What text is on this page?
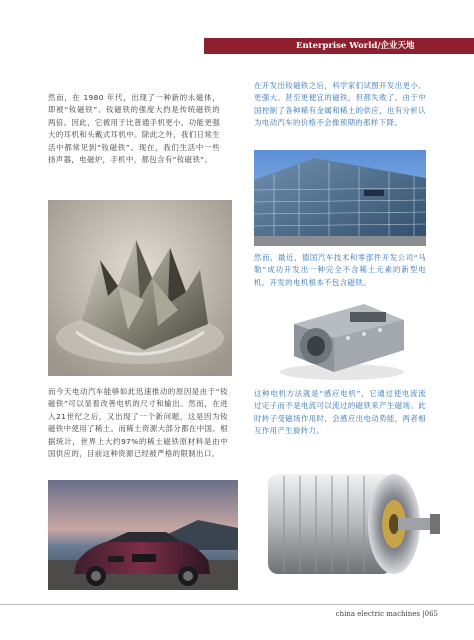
Enterprise World/企业天地

然而，在 1980 年代，出现了一种新的永磁体，即被“钕磁铁”。钕磁铁的强度大约是传统磁铁的两倍。因此，它被用于比普通手机更小、功能更强大的耳机和头戴式耳机中。除此之外，我们日常生活中都常见到“钕磁铁”。现在，我们生活中一些扬声器，电磁炉，手机中，都包含有“钕磁铁”。

在开发出钕磁铁之后，科学家们试图开发出更小、更强大、甚至更便宜的磁铁，但都失败了。由于中国控制了各种稀有金属和稀土的供应，也有分析认为电动汽车的价格不会像预期的那样下降。

然而，最近，德国汽车技术和零部件开发公司“马勒”成功开发出一种完全不含稀土元素的新型电机。开发的电机根本不包含磁铁。

而今天电动汽车能够如此迅速推动的原因是由于“钕磁铁”可以显着改善电机的尺寸和输出。然而，在进入21世纪之后，又出现了一个新问题，这是因为钕磁铁中使用了稀土。而稀土资源大部分都在中国。根据统计，世界上大约97%的稀土磁铁原材料是由中国供应的，目前这种资源已经被严格的限制出口。

这种电机方法就是“感应电机”，它通过使电流流过定子而不是电流可以流过的磁铁来产生磁场。此时转子受磁场作用时，会感应出电动势能，两者相互作用产生旋转力。

china electric machines |065
